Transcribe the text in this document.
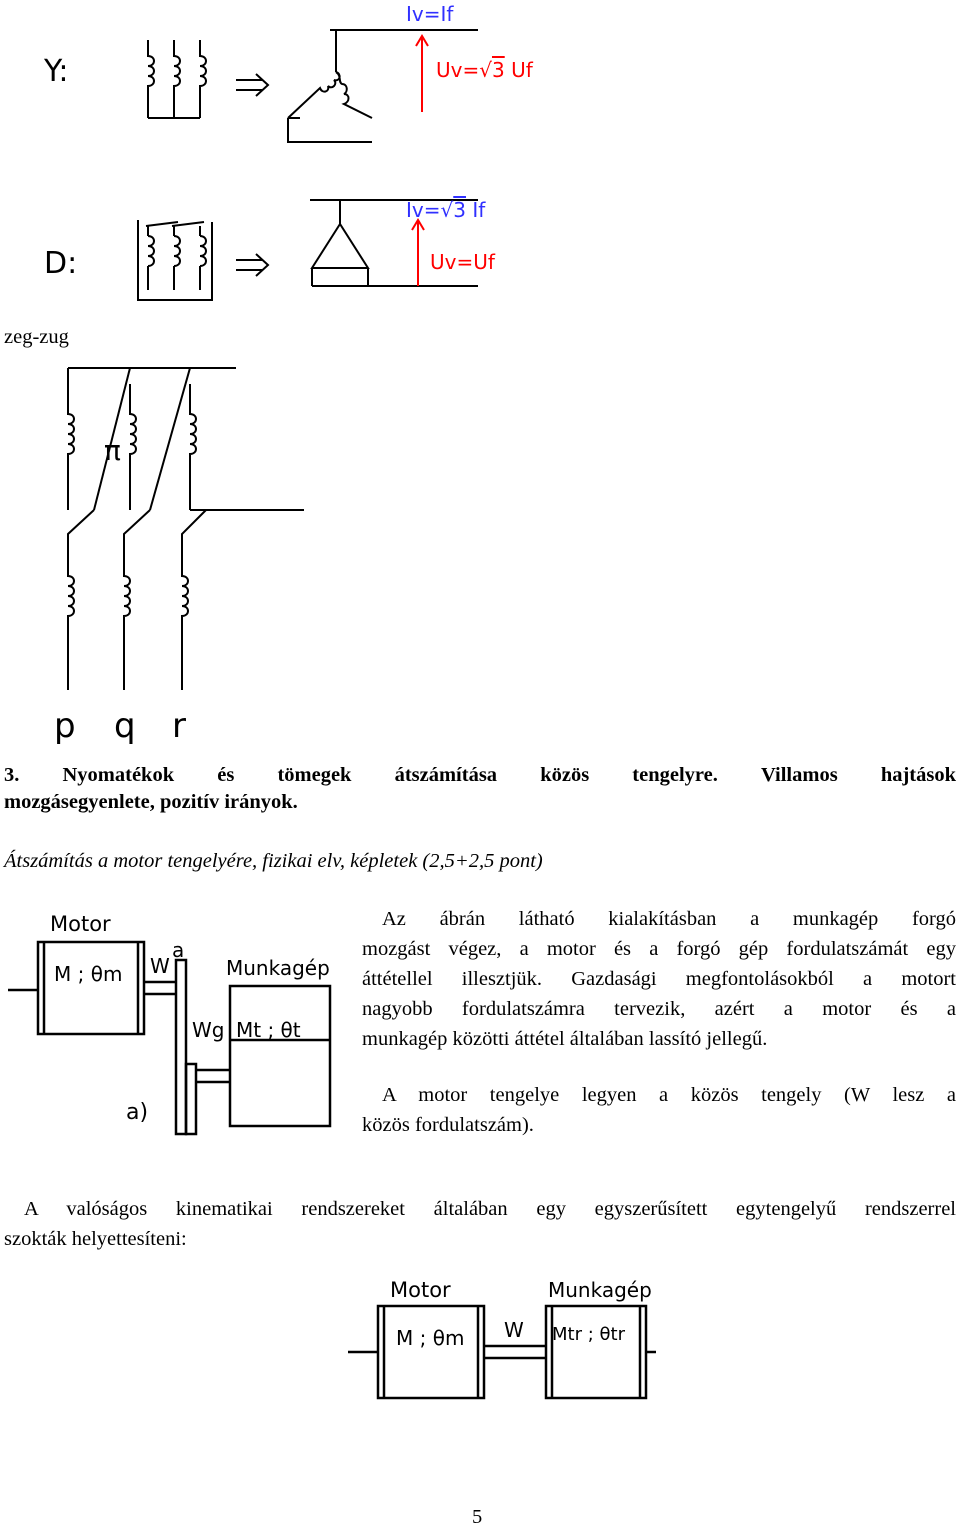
Y:
Iv=If
Uv=√3 Uf
D:
Iv=√3 If
Uv=Uf
zeg-zug
π
p q r
3. Nyomatékok és tömegek átszámítása közös tengelyre. Villamos hajtások
mozgásegyenlete, pozitív irányok.
Átszámítás a motor tengelyére, fizikai elv, képletek (2,5+2,5 pont)
Motor
M ; θm W
a
Munkagép
Wg Mt ; θt
a)
Az ábrán látható kialakításban a munkagép forgó
mozgást végez, a motor és a forgó gép fordulatszámát egy
áttétellel illesztjük. Gazdasági megfontolásokból a motort
nagyobb fordulatszámra tervezik, azért a motor és a
munkagép közötti áttétel általában lassító jellegű.
A motor tengelye legyen a közös tengely (W lesz a
közös fordulatszám).
A valóságos kinematikai rendszereket általában egy egyszerűsített egytengelyű rendszerrel
szokták helyettesíteni:
Motor
M ; θm W
Munkagép
Mtr ; θtr
5
